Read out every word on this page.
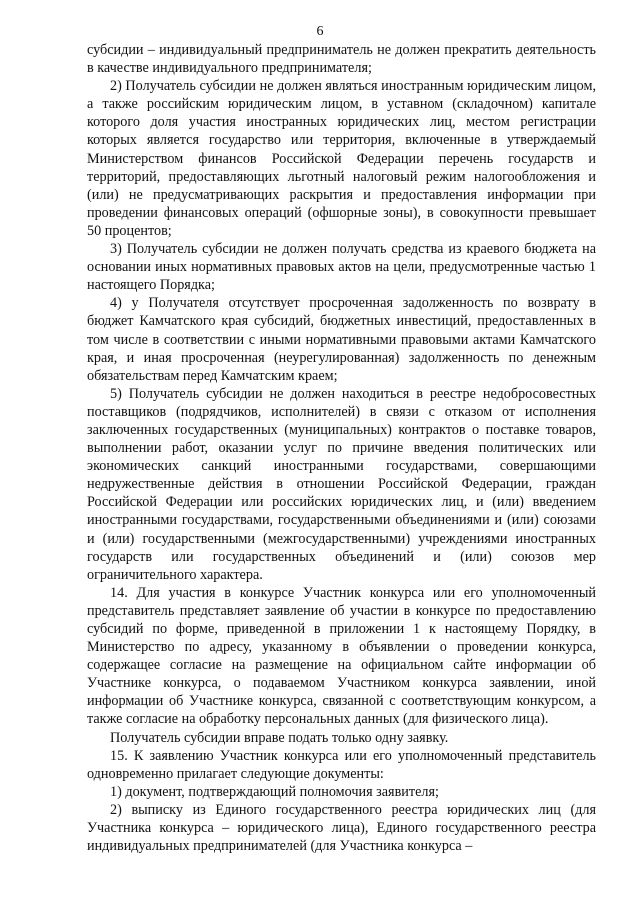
6

субсидии – индивидуальный предприниматель не должен прекратить деятельность в качестве индивидуального предпринимателя;

2) Получатель субсидии не должен являться иностранным юридическим лицом, а также российским юридическим лицом, в уставном (складочном) капитале которого доля участия иностранных юридических лиц, местом регистрации которых является государство или территория, включенные в утверждаемый Министерством финансов Российской Федерации перечень государств и территорий, предоставляющих льготный налоговый режим налогообложения и (или) не предусматривающих раскрытия и предоставления информации при проведении финансовых операций (офшорные зоны), в совокупности превышает 50 процентов;

3) Получатель субсидии не должен получать средства из краевого бюджета на основании иных нормативных правовых актов на цели, предусмотренные частью 1 настоящего Порядка;

4) у Получателя отсутствует просроченная задолженность по возврату в бюджет Камчатского края субсидий, бюджетных инвестиций, предоставленных в том числе в соответствии с иными нормативными правовыми актами Камчатского края, и иная просроченная (неурегулированная) задолженность по денежным обязательствам перед Камчатским краем;

5) Получатель субсидии не должен находиться в реестре недобросовестных поставщиков (подрядчиков, исполнителей) в связи с отказом от исполнения заключенных государственных (муниципальных) контрактов о поставке товаров, выполнении работ, оказании услуг по причине введения политических или экономических санкций иностранными государствами, совершающими недружественные действия в отношении Российской Федерации, граждан Российской Федерации или российских юридических лиц, и (или) введением иностранными государствами, государственными объединениями и (или) союзами и (или) государственными (межгосударственными) учреждениями иностранных государств или государственных объединений и (или) союзов мер ограничительного характера.

14. Для участия в конкурсе Участник конкурса или его уполномоченный представитель представляет заявление об участии в конкурсе по предоставлению субсидий по форме, приведенной в приложении 1 к настоящему Порядку, в Министерство по адресу, указанному в объявлении о проведении конкурса, содержащее согласие на размещение на официальном сайте информации об Участнике конкурса, о подаваемом Участником конкурса заявлении, иной информации об Участнике конкурса, связанной с соответствующим конкурсом, а также согласие на обработку персональных данных (для физического лица).

Получатель субсидии вправе подать только одну заявку.

15. К заявлению Участник конкурса или его уполномоченный представитель одновременно прилагает следующие документы:

1) документ, подтверждающий полномочия заявителя;

2) выписку из Единого государственного реестра юридических лиц (для Участника конкурса – юридического лица), Единого государственного реестра индивидуальных предпринимателей (для Участника конкурса –
